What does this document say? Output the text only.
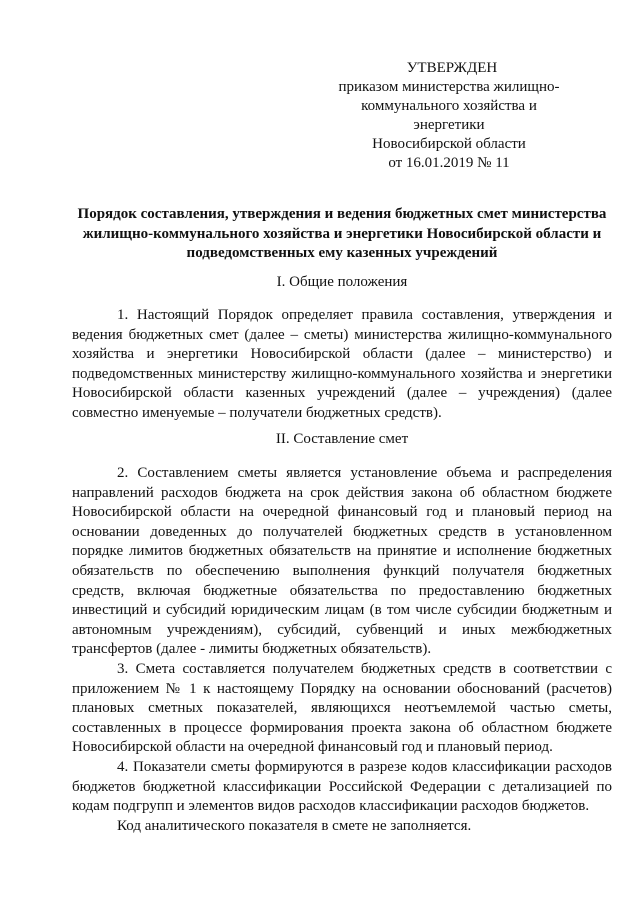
УТВЕРЖДЕН
приказом министерства жилищно-
коммунального хозяйства и энергетики
Новосибирской области
от 16.01.2019 № 11
Порядок составления, утверждения и ведения бюджетных смет министерства жилищно-коммунального хозяйства и энергетики Новосибирской области и подведомственных ему казенных учреждений
I. Общие положения

1. Настоящий Порядок определяет правила составления, утверждения и ведения бюджетных смет (далее – сметы) министерства жилищно-коммунального хозяйства и энергетики Новосибирской области (далее – министерство) и подведомственных министерству жилищно-коммунального хозяйства и энергетики Новосибирской области казенных учреждений (далее – учреждения) (далее совместно именуемые – получатели бюджетных средств).

II. Составление смет

2. Составлением сметы является установление объема и распределения направлений расходов бюджета на срок действия закона об областном бюджете Новосибирской области на очередной финансовый год и плановый период на основании доведенных до получателей бюджетных средств в установленном порядке лимитов бюджетных обязательств на принятие и исполнение бюджетных обязательств по обеспечению выполнения функций получателя бюджетных средств, включая бюджетные обязательства по предоставлению бюджетных инвестиций и субсидий юридическим лицам (в том числе субсидии бюджетным и автономным учреждениям), субсидий, субвенций и иных межбюджетных трансфертов (далее - лимиты бюджетных обязательств).

3. Смета составляется получателем бюджетных средств в соответствии с приложением № 1 к настоящему Порядку на основании обоснований (расчетов) плановых сметных показателей, являющихся неотъемлемой частью сметы, составленных в процессе формирования проекта закона об областном бюджете Новосибирской области на очередной финансовый год и плановый период.

4. Показатели сметы формируются в разрезе кодов классификации расходов бюджетов бюджетной классификации Российской Федерации с детализацией по кодам подгрупп и элементов видов расходов классификации расходов бюджетов.

Код аналитического показателя в смете не заполняется.
